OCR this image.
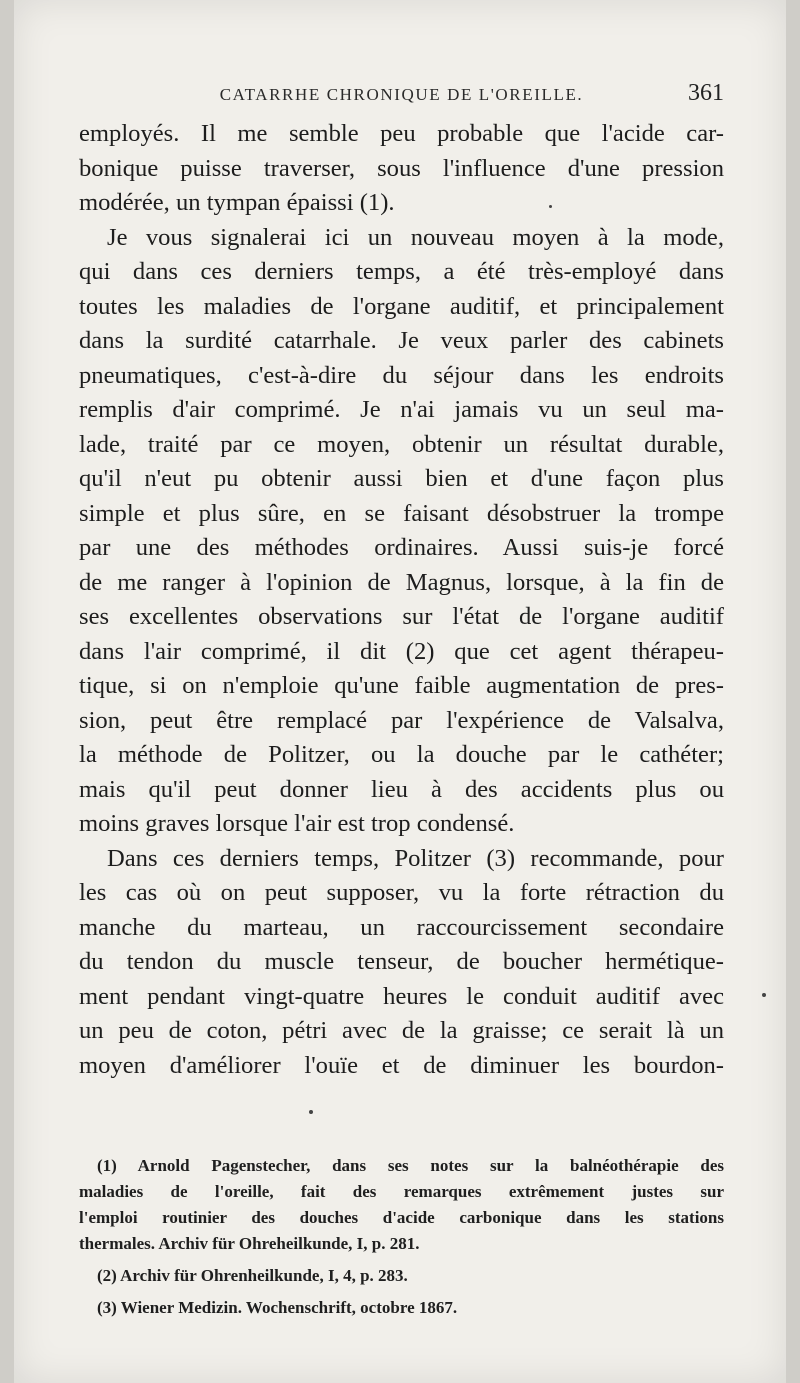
CATARRHE CHRONIQUE DE L'OREILLE.	361
employés. Il me semble peu probable que l'acide car-
bonique puisse traverser, sous l'influence d'une pression
modérée, un tympan épaissi (1).
Je vous signalerai ici un nouveau moyen à la mode,
qui dans ces derniers temps, a été très-employé dans
toutes les maladies de l'organe auditif, et principalement
dans la surdité catarrhale. Je veux parler des cabinets
pneumatiques, c'est-à-dire du séjour dans les endroits
remplis d'air comprimé. Je n'ai jamais vu un seul ma-
lade, traité par ce moyen, obtenir un résultat durable,
qu'il n'eut pu obtenir aussi bien et d'une façon plus
simple et plus sûre, en se faisant désobstruer la trompe
par une des méthodes ordinaires. Aussi suis-je forcé
de me ranger à l'opinion de Magnus, lorsque, à la fin de
ses excellentes observations sur l'état de l'organe auditif
dans l'air comprimé, il dit (2) que cet agent thérapeu-
tique, si on n'emploie qu'une faible augmentation de pres-
sion, peut être remplacé par l'expérience de Valsalva,
la méthode de Politzer, ou la douche par le cathéter;
mais qu'il peut donner lieu à des accidents plus ou
moins graves lorsque l'air est trop condensé.
Dans ces derniers temps, Politzer (3) recommande, pour
les cas où on peut supposer, vu la forte rétraction du
manche du marteau, un raccourcissement secondaire
du tendon du muscle tenseur, de boucher hermétique-
ment pendant vingt-quatre heures le conduit auditif avec
un peu de coton, pétri avec de la graisse; ce serait là un
moyen d'améliorer l'ouïe et de diminuer les bourdon-
(1) Arnold Pagenstecher, dans ses notes sur la balnéothérapie des
maladies de l'oreille, fait des remarques extrêmement justes sur
l'emploi routinier des douches d'acide carbonique dans les stations
thermales. Archiv für Ohreheilkunde, I, p. 281.
(2) Archiv für Ohrenheilkunde, I, 4, p. 283.
(3) Wiener Medizin. Wochenschrift, octobre 1867.
